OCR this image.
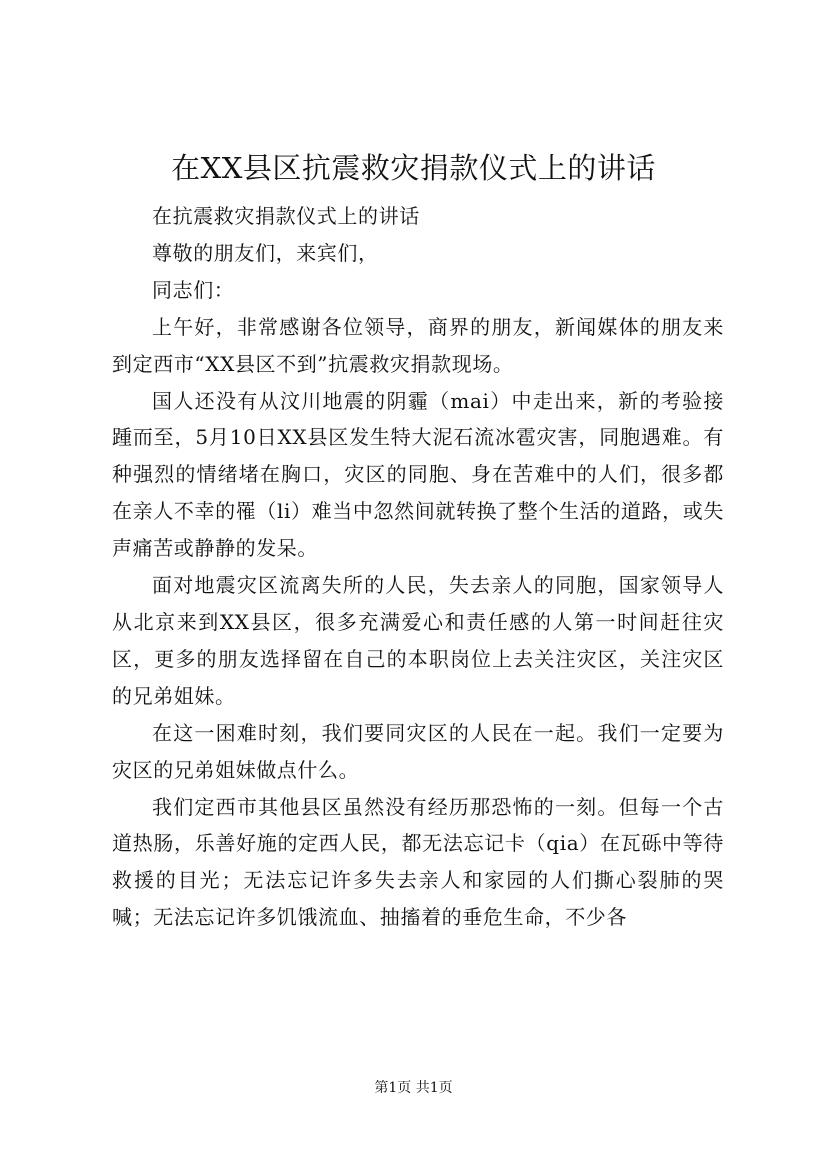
在XX县区抗震救灾捐款仪式上的讲话

在抗震救灾捐款仪式上的讲话

尊敬的朋友们，来宾们，

同志们：

上午好，非常感谢各位领导，商界的朋友，新闻媒体的朋友来到定西市“XX县区不到”抗震救灾捐款现场。

国人还没有从汶川地震的阴霾（mai）中走出来，新的考验接踵而至，5月10日XX县区发生特大泥石流冰雹灾害，同胞遇难。有种强烈的情绪堵在胸口，灾区的同胞、身在苦难中的人们，很多都在亲人不幸的罹（li）难当中忽然间就转换了整个生活的道路，或失声痛苦或静静的发呆。

面对地震灾区流离失所的人民，失去亲人的同胞，国家领导人从北京来到XX县区，很多充满爱心和责任感的人第一时间赶往灾区，更多的朋友选择留在自己的本职岗位上去关注灾区，关注灾区的兄弟姐妹。

在这一困难时刻，我们要同灾区的人民在一起。我们一定要为灾区的兄弟姐妹做点什么。

我们定西市其他县区虽然没有经历那恐怖的一刻。但每一个古道热肠，乐善好施的定西人民，都无法忘记卡（qia）在瓦砾中等待救援的目光；无法忘记许多失去亲人和家园的人们撕心裂肺的哭喊；无法忘记许多饥饿流血、抽搐着的垂危生命，不少各

第1页 共1页
